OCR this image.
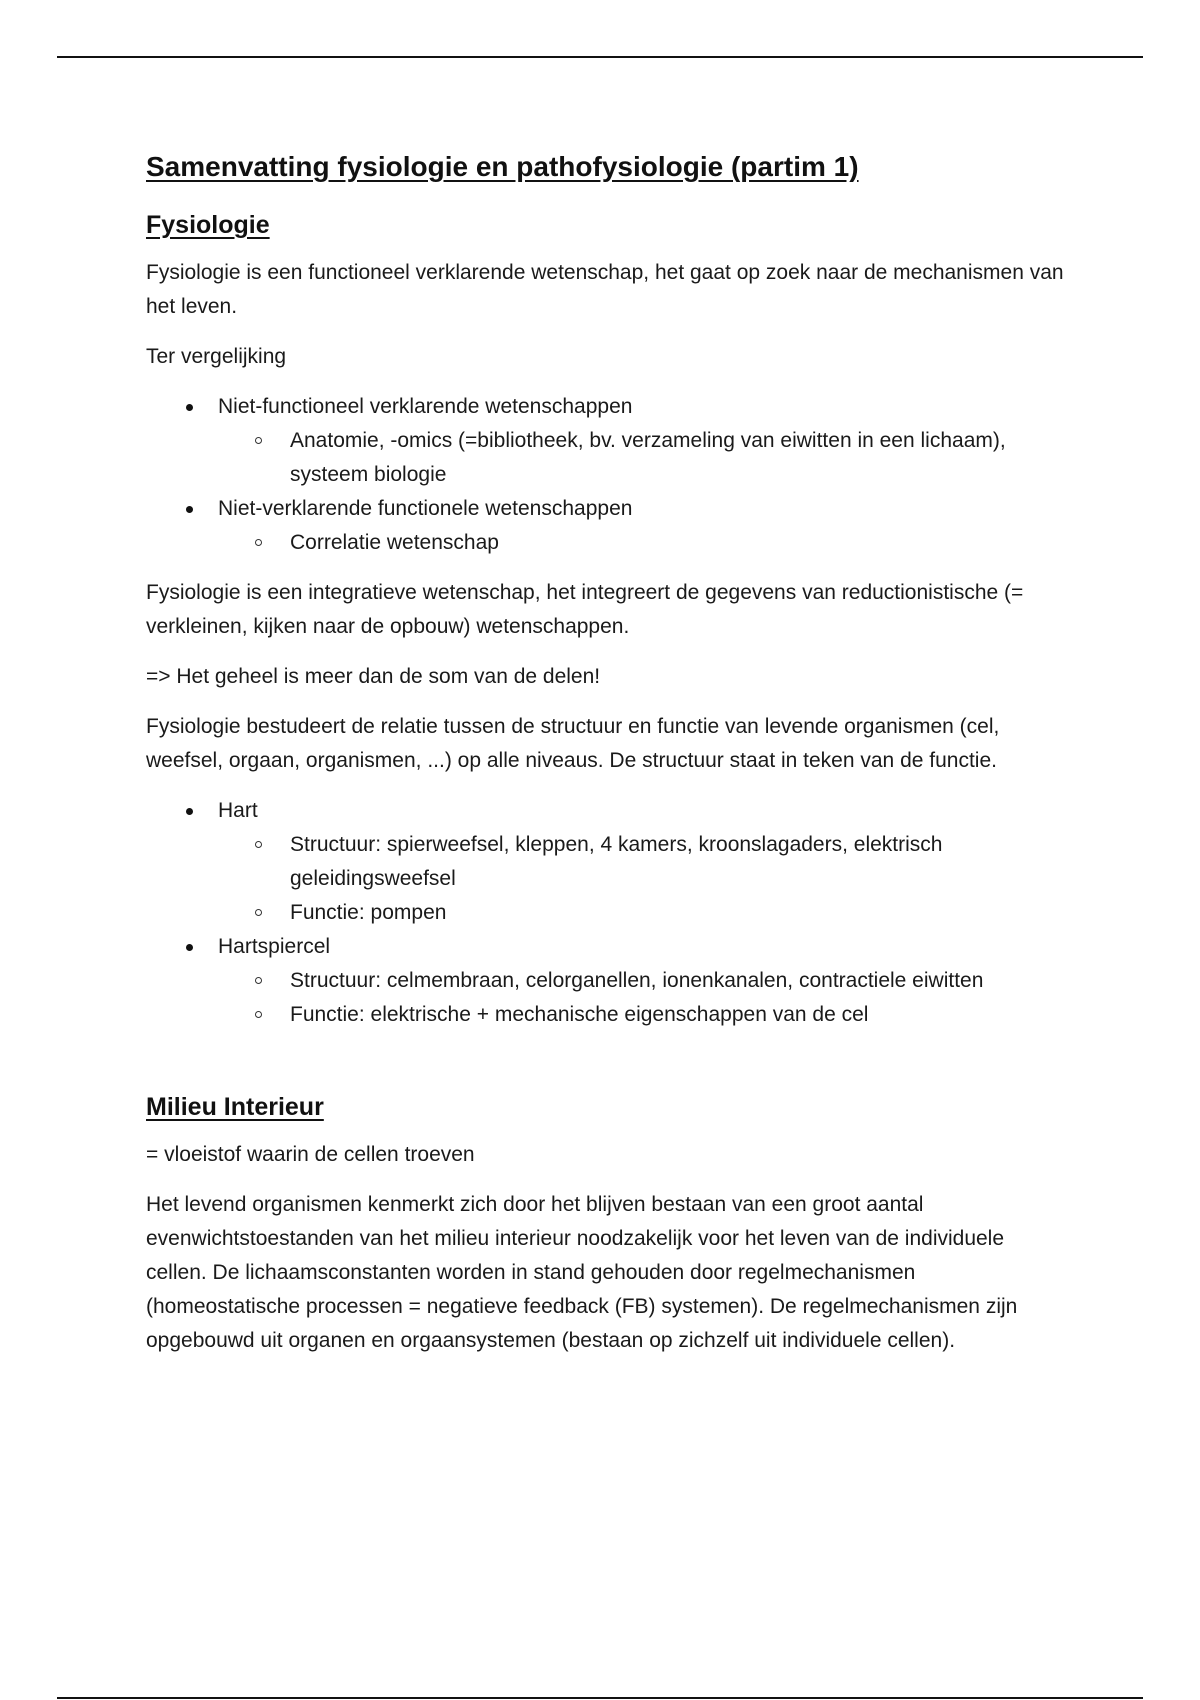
Samenvatting fysiologie en pathofysiologie (partim 1)
Fysiologie

Fysiologie is een functioneel verklarende wetenschap, het gaat op zoek naar de mechanismen van het leven.

Ter vergelijking

Niet-functioneel verklarende wetenschappen
Anatomie, -omics (=bibliotheek, bv. verzameling van eiwitten in een lichaam), systeem biologie
Niet-verklarende functionele wetenschappen
Correlatie wetenschap

Fysiologie is een integratieve wetenschap, het integreert de gegevens van reductionistische (= verkleinen, kijken naar de opbouw) wetenschappen.

=> Het geheel is meer dan de som van de delen!

Fysiologie bestudeert de relatie tussen de structuur en functie van levende organismen (cel, weefsel, orgaan, organismen, ...) op alle niveaus. De structuur staat in teken van de functie.

Hart
Structuur: spierweefsel, kleppen, 4 kamers, kroonslagaders, elektrisch geleidingsweefsel
Functie: pompen
Hartspiercel
Structuur: celmembraan, celorganellen, ionenkanalen, contractiele eiwitten
Functie: elektrische + mechanische eigenschappen van de cel
Milieu Interieur

= vloeistof waarin de cellen troeven

Het levend organismen kenmerkt zich door het blijven bestaan van een groot aantal evenwichtstoestanden van het milieu interieur noodzakelijk voor het leven van de individuele cellen. De lichaamsconstanten worden in stand gehouden door regelmechanismen (homeostatische processen = negatieve feedback (FB) systemen). De regelmechanismen zijn opgebouwd uit organen en orgaansystemen (bestaan op zichzelf uit individuele cellen).
